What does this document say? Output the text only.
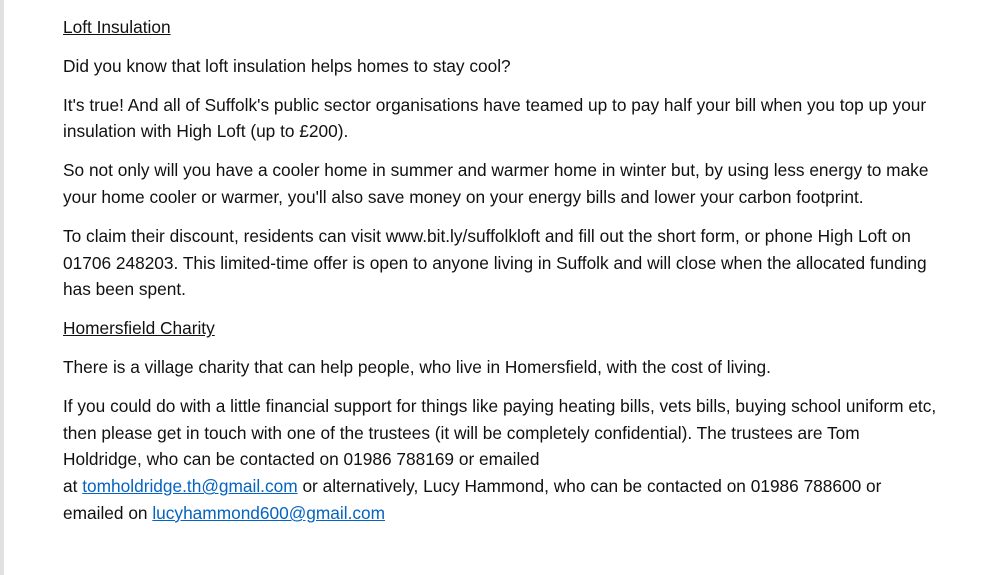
Loft Insulation

Did you know that loft insulation helps homes to stay cool?

It's true! And all of Suffolk's public sector organisations have teamed up to pay half your bill when you top up your insulation with High Loft (up to £200).

So not only will you have a cooler home in summer and warmer home in winter but, by using less energy to make your home cooler or warmer, you'll also save money on your energy bills and lower your carbon footprint.

To claim their discount, residents can visit www.bit.ly/suffolkloft and fill out the short form, or phone High Loft on 01706 248203. This limited-time offer is open to anyone living in Suffolk and will close when the allocated funding has been spent.

Homersfield Charity

There is a village charity that can help people, who live in Homersfield, with the cost of living.

If you could do with a little financial support for things like paying heating bills, vets bills, buying school uniform etc, then please get in touch with one of the trustees (it will be completely confidential). The trustees are Tom Holdridge, who can be contacted on 01986 788169 or emailed
at tomholdridge.th@gmail.com or alternatively, Lucy Hammond, who can be contacted on 01986 788600 or emailed on lucyhammond600@gmail.com
